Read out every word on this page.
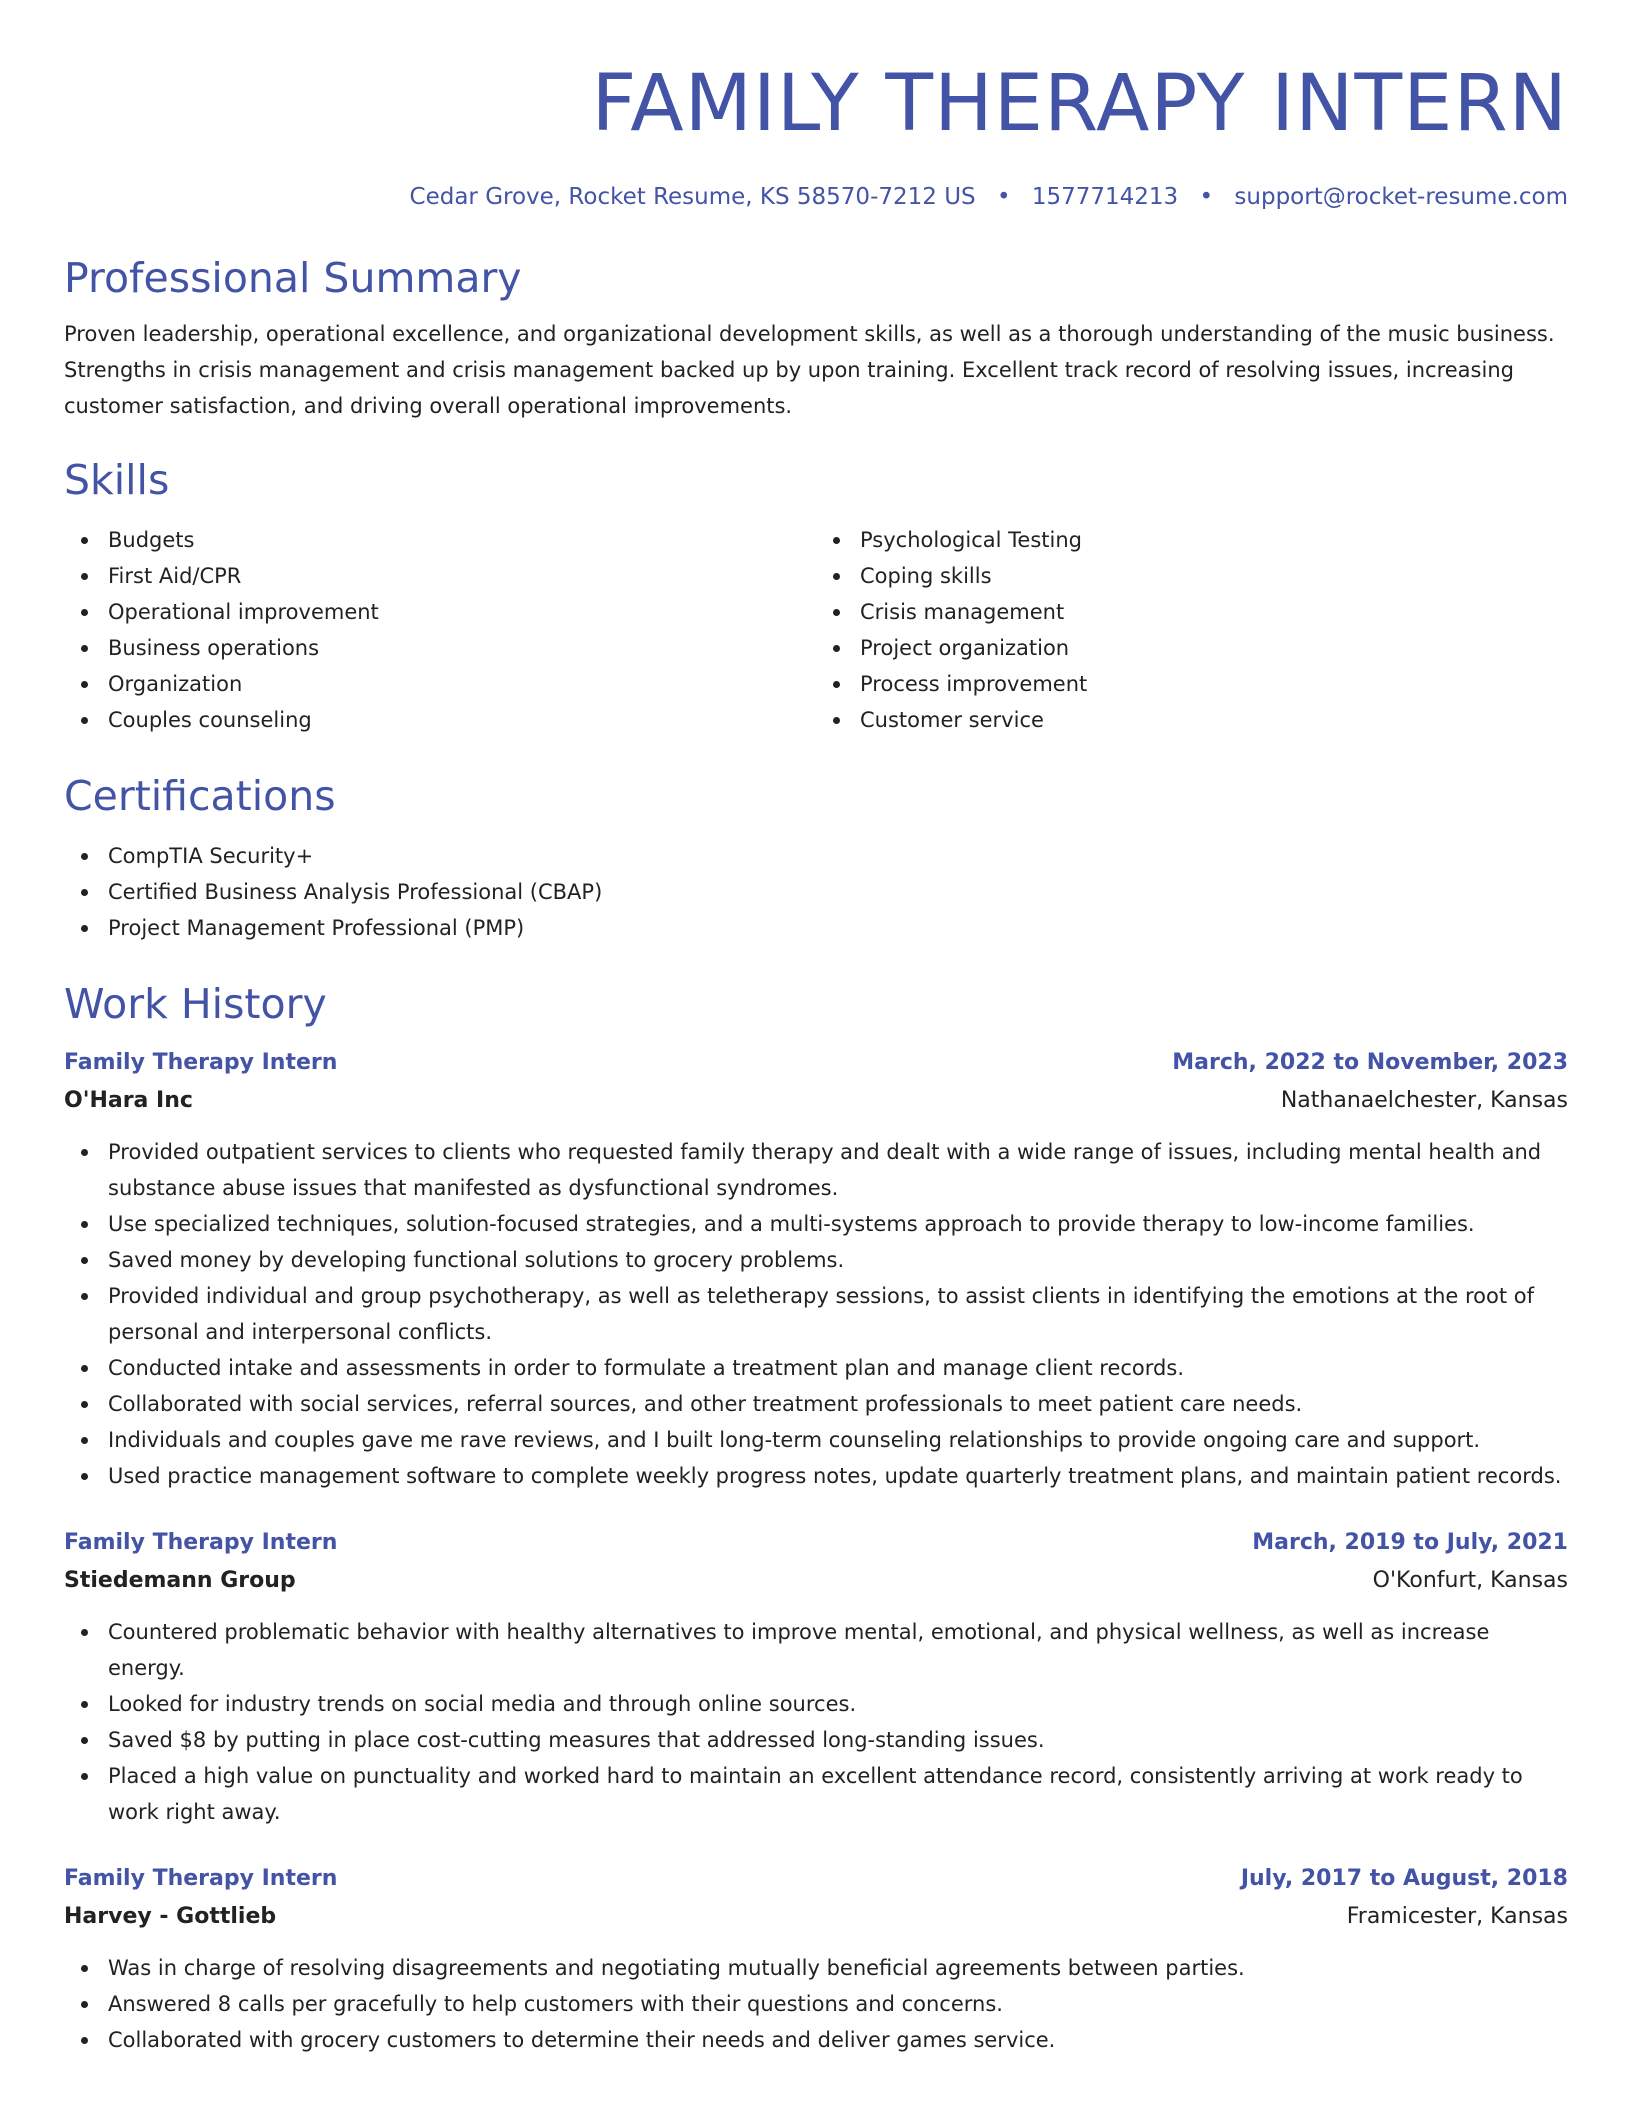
FAMILY THERAPY INTERN
Cedar Grove, Rocket Resume, KS 58570-7212 US • 1577714213 • support@rocket-resume.com
Professional Summary
Proven leadership, operational excellence, and organizational development skills, as well as a thorough understanding of the music business. Strengths in crisis management and crisis management backed up by upon training. Excellent track record of resolving issues, increasing customer satisfaction, and driving overall operational improvements.
Skills
Budgets
First Aid/CPR
Operational improvement
Business operations
Organization
Couples counseling
Psychological Testing
Coping skills
Crisis management
Project organization
Process improvement
Customer service
Certifications
CompTIA Security+
Certified Business Analysis Professional (CBAP)
Project Management Professional (PMP)
Work History
Family Therapy Intern	March, 2022 to November, 2023
O'Hara Inc	Nathanaelchester, Kansas
Provided outpatient services to clients who requested family therapy and dealt with a wide range of issues, including mental health and substance abuse issues that manifested as dysfunctional syndromes.
Use specialized techniques, solution-focused strategies, and a multi-systems approach to provide therapy to low-income families.
Saved money by developing functional solutions to grocery problems.
Provided individual and group psychotherapy, as well as teletherapy sessions, to assist clients in identifying the emotions at the root of personal and interpersonal conflicts.
Conducted intake and assessments in order to formulate a treatment plan and manage client records.
Collaborated with social services, referral sources, and other treatment professionals to meet patient care needs.
Individuals and couples gave me rave reviews, and I built long-term counseling relationships to provide ongoing care and support.
Used practice management software to complete weekly progress notes, update quarterly treatment plans, and maintain patient records.
Family Therapy Intern	March, 2019 to July, 2021
Stiedemann Group	O'Konfurt, Kansas
Countered problematic behavior with healthy alternatives to improve mental, emotional, and physical wellness, as well as increase energy.
Looked for industry trends on social media and through online sources.
Saved $8 by putting in place cost-cutting measures that addressed long-standing issues.
Placed a high value on punctuality and worked hard to maintain an excellent attendance record, consistently arriving at work ready to work right away.
Family Therapy Intern	July, 2017 to August, 2018
Harvey - Gottlieb	Framicester, Kansas
Was in charge of resolving disagreements and negotiating mutually beneficial agreements between parties.
Answered 8 calls per gracefully to help customers with their questions and concerns.
Collaborated with grocery customers to determine their needs and deliver games service.
